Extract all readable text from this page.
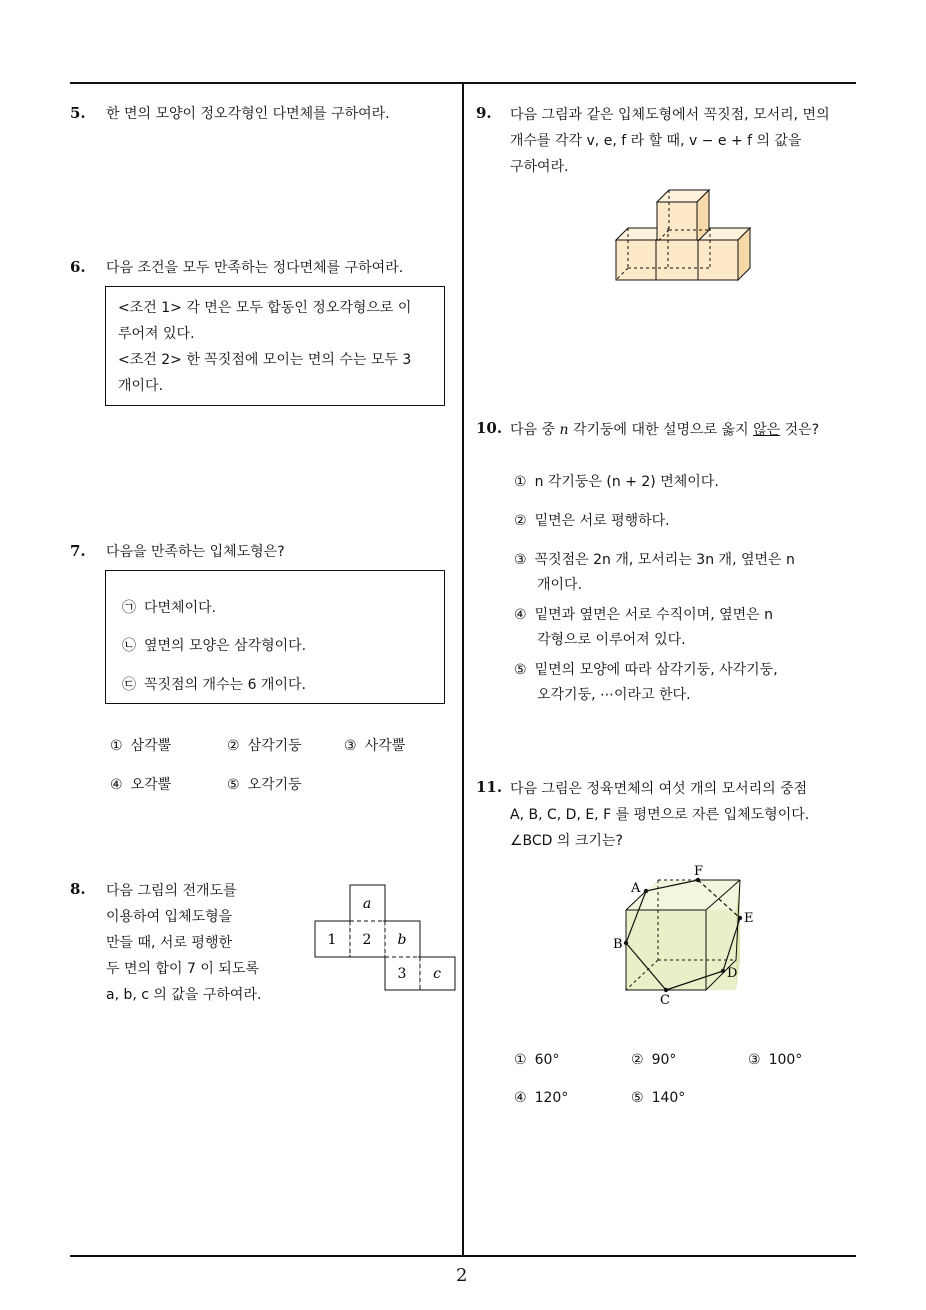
5. 한 면의 모양이 정오각형인 다면체를 구하여라.
6. 다음 조건을 모두 만족하는 정다면체를 구하여라.
<조건 1> 각 면은 모두 합동인 정오각형으로 이
루어져 있다.
<조건 2> 한 꼭짓점에 모이는 면의 수는 모두 3
개이다.
7. 다음을 만족하는 입체도형은?
㉠ 다면체이다.
㉡ 옆면의 모양은 삼각형이다.
㉢ 꼭짓점의 개수는 6 개이다.
① 삼각뿔	② 삼각기둥	③ 사각뿔
④ 오각뿔	⑤ 오각기둥
8. 다음 그림의 전개도를
이용하여 입체도형을
만들 때, 서로 평행한
두 면의 합이 7 이 되도록
a, b, c 의 값을 구하여라.
a
1 2 b
3 c
9. 다음 그림과 같은 입체도형에서 꼭짓점, 모서리, 면의
개수를 각각 v, e, f 라 할 때, v − e + f 의 값을
구하여라.
10. 다음 중 n 각기둥에 대한 설명으로 옳지 않은 것은?
① n 각기둥은 (n + 2) 면체이다.
② 밑면은 서로 평행하다.
③ 꼭짓점은 2n 개, 모서리는 3n 개, 옆면은 n
개이다.
④ 밑면과 옆면은 서로 수직이며, 옆면은 n
각형으로 이루어져 있다.
⑤ 밑면의 모양에 따라 삼각기둥, 사각기둥,
오각기둥, ⋯이라고 한다.
11. 다음 그림은 정육면체의 여섯 개의 모서리의 중점
A, B, C, D, E, F 를 평면으로 자른 입체도형이다.
∠BCD 의 크기는?
A
F
E
D
C
B
① 60°	② 90°	③ 100°
④ 120°	⑤ 140°
2
